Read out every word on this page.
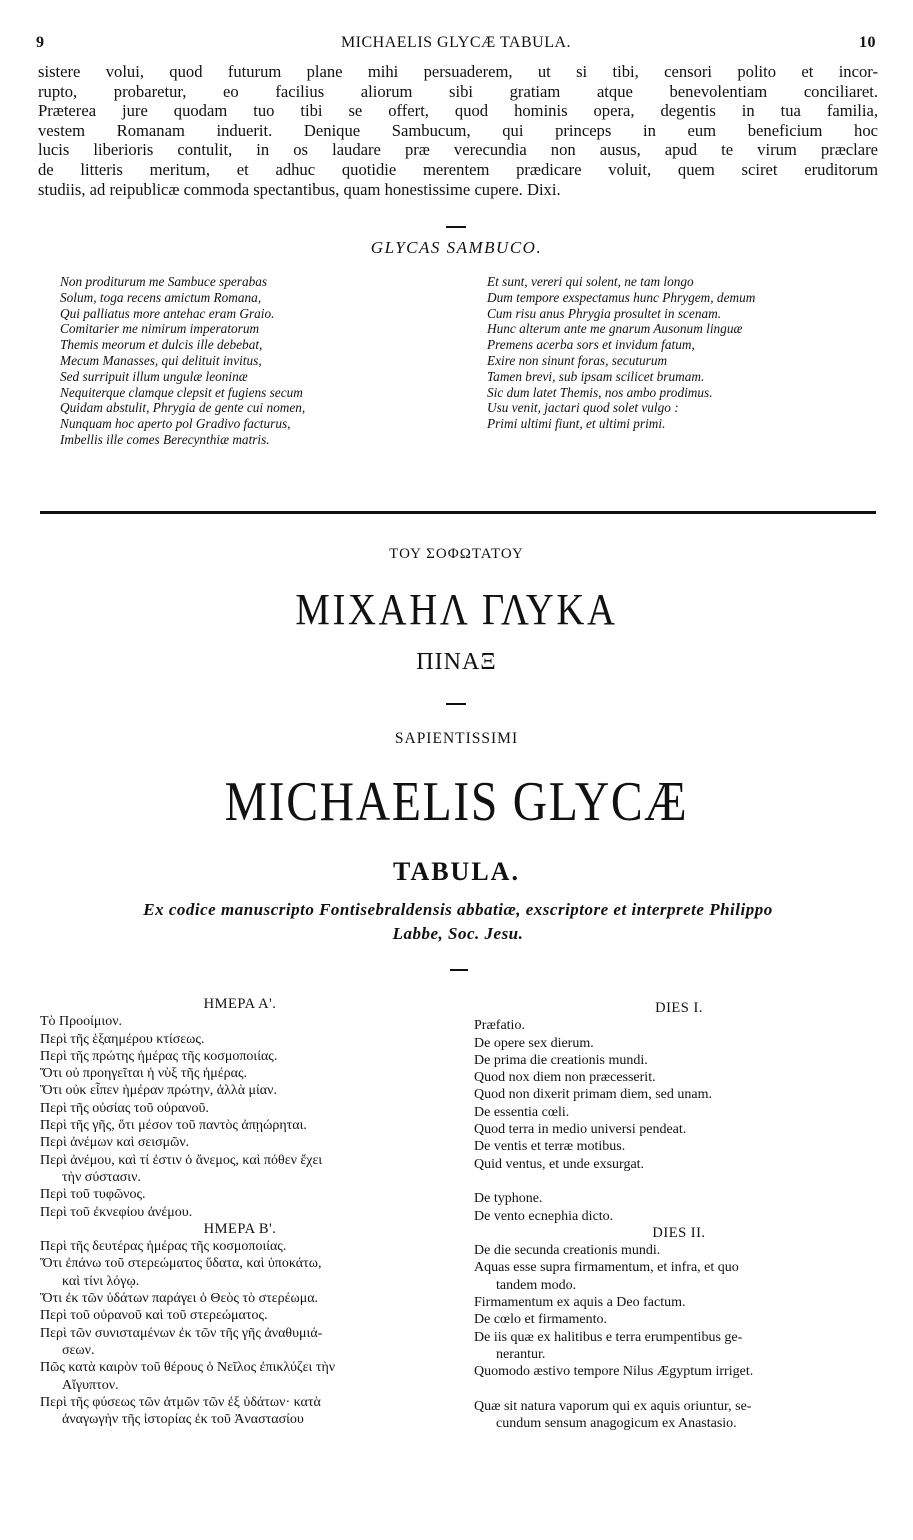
9	MICHAELIS GLYCÆ TABULA.	10
sistere volui, quod futurum plane mihi persuaderem, ut si tibi, censori polito et incor-
rupto, probaretur, eo facilius aliorum sibi gratiam atque benevolentiam conciliaret.
Præterea jure quodam tuo tibi se offert, quod hominis opera, degentis in tua familia,
vestem Romanam induerit. Denique Sambucum, qui princeps in eum beneficium hoc
lucis liberioris contulit, in os laudare præ verecundia non ausus, apud te virum præclare
de litteris meritum, et adhuc quotidie merentem prædicare voluit, quem sciret eruditorum
studiis, ad reipublicæ commoda spectantibus, quam honestissime cupere. Dixi.
GLYCAS SAMBUCO.
Non proditurum me Sambuce sperabas
Solum, toga recens amictum Romana,
Qui palliatus more antehac eram Graio.
Comitarier me nimirum imperatorum
Themis meorum et dulcis ille debebat,
Mecum Manasses, qui delituit invitus,
Sed surripuit illum ungulæ leoninæ
Nequiterque clamque clepsit et fugiens secum
Quidam abstulit, Phrygia de gente cui nomen,
Nunquam hoc aperto pol Gradivo facturus,
Imbellis ille comes Berecynthiæ matris.
Et sunt, vereri qui solent, ne tam longo
Dum tempore exspectamus hunc Phrygem, demum
Cum risu anus Phrygia prosultet in scenam.
Hunc alterum ante me gnarum Ausonum linguæ
Premens acerba sors et invidum fatum,
Exire non sinunt foras, secuturum
Tamen brevi, sub ipsam scilicet brumam.
Sic dum latet Themis, nos ambo prodimus.
Usu venit, jactari quod solet vulgo :
Primi ultimi fiunt, et ultimi primi.
ΤΟΥ ΣΟΦΩΤΑΤΟΥ
ΜΙΧΑΗΛ ΓΛΥΚΑ
ΠΙΝΑΞ
SAPIENTISSIMI
MICHAELIS GLYCÆ
TABULA.
Ex codice manuscripto Fontisebraldensis abbatiæ, exscriptore et interprete Philippo
Labbe, Soc. Jesu.
ΗΜΕΡΑ Α'.
Τὸ Προοίμιον.
Περὶ τῆς ἑξαημέρου κτίσεως.
Περὶ τῆς πρώτης ἡμέρας τῆς κοσμοποιίας.
Ὅτι οὐ προηγεῖται ἡ νὺξ τῆς ἡμέρας.
Ὅτι οὐκ εἶπεν ἡμέραν πρώτην, ἀλλὰ μίαν.
Περὶ τῆς οὐσίας τοῦ οὐρανοῦ.
Περὶ τῆς γῆς, ὅτι μέσον τοῦ παντὸς ἀπῃώρηται.
Περὶ ἀνέμων καὶ σεισμῶν.
Περὶ ἀνέμου, καὶ τί ἐστιν ὁ ἄνεμος, καὶ πόθεν ἔχει
τὴν σύστασιν.
Περὶ τοῦ τυφῶνος.
Περὶ τοῦ ἐκνεφίου ἀνέμου.
ΗΜΕΡΑ Β'.
Περὶ τῆς δευτέρας ἡμέρας τῆς κοσμοποιίας.
Ὅτι ἐπάνω τοῦ στερεώματος ὕδατα, καὶ ὑποκάτω,
καὶ τίνι λόγῳ.
Ὅτι ἐκ τῶν ὑδάτων παράγει ὁ Θεὸς τὸ στερέωμα.
Περὶ τοῦ οὐρανοῦ καὶ τοῦ στερεώματος.
Περὶ τῶν συνισταμένων ἐκ τῶν τῆς γῆς ἀναθυμιά-
σεων.
Πῶς κατὰ καιρὸν τοῦ θέρους ὁ Νεῖλος ἐπικλύζει τὴν
Αἴγυπτον.
Περὶ τῆς φύσεως τῶν ἀτμῶν τῶν ἐξ ὑδάτων· κατὰ
ἀναγωγὴν τῆς ἱστορίας ἐκ τοῦ Ἀναστασίου
DIES I.
Præfatio.
De opere sex dierum.
De prima die creationis mundi.
Quod nox diem non præcesserit.
Quod non dixerit primam diem, sed unam.
De essentia cœli.
Quod terra in medio universi pendeat.
De ventis et terræ motibus.
Quid ventus, et unde exsurgat.
De typhone.
De vento ecnephia dicto.
DIES II.
De die secunda creationis mundi.
Aquas esse supra firmamentum, et infra, et quo
tandem modo.
Firmamentum ex aquis a Deo factum.
De cœlo et firmamento.
De iis quæ ex halitibus e terra erumpentibus ge-
nerantur.
Quomodo æstivo tempore Nilus Ægyptum irriget.
Quæ sit natura vaporum qui ex aquis oriuntur, se-
cundum sensum anagogicum ex Anastasio.
